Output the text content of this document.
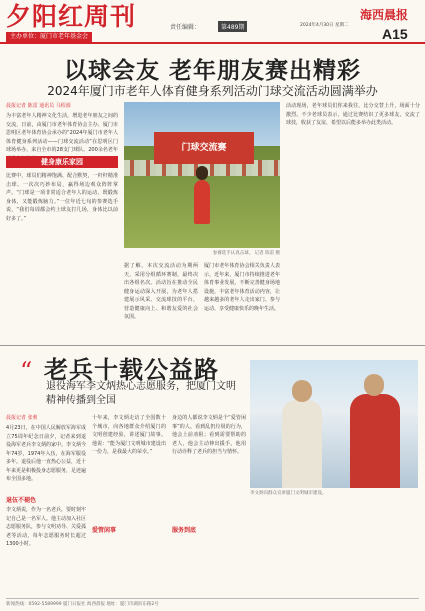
夕阳红周刊
主办单位：厦门市老年基金会
责任编辑：	第489期
海西晨报
2024年4月30日 星期二
A15
以球会友 老年朋友赛出精彩
2024年厦门市老年人体育健身系列活动门球交流活动圆满举办
晨报记者 陈雷 通讯员 马程源
为丰富老年人精神文化生活，增进老年朋友之间的交流，日前，由厦门市老年体育协会主办、厦门市思明区老年体育协会承办的“2024年厦门市老年人体育健身系列活动——门球交流活动”在思明区门球场举办，来自全市的28支门球队、200余名老年
健身康乐家园
比赛中，球员们精神饱满、配合默契，一杆杆精准击球、一次次巧妙布局，赢得场边观众阵阵掌声。“门球是一项非常适合老年人的运动，既锻炼身体，又能锻炼脑力。”一位年近七旬的参赛选手说，“我们每周都会约上球友打几场，身体比以前好多了。”
门球交流赛
参赛选手认真击球。 记者 陈雷 摄
据了解，本次交流活动为期两天，采用分组循环赛制，最终决出各组名次。活动旨在推动全民健身运动深入开展，为老年人搭建展示风采、交流球技的平台，营造健康向上、和谐友爱的社会氛围。
厦门市老年体育协会相关负责人表示，近年来，厦门市持续推进老年体育事业发展，不断完善健身场地设施，丰富老年体育活动内容，让越来越多的老年人走出家门、参与运动、享受健康快乐的晚年生活。
活动现场，老年球员们你来我往，比分交替上升，场面十分激烈。不少老球员表示，通过比赛结识了更多球友，交流了球技，收获了友谊，希望以后能多举办此类活动。
“ 老兵十载公益路
退役海军李文炳热心志愿服务，把厦门文明
精神传播到全国
晨报记者 张莉
4月23日，在中国人民解放军海军成立75周年纪念日前夕，记者来到退役海军老兵李文炳的家中。李文炳今年74岁，1974年入伍，在海军服役多年。退役后他一直热心公益，近十年来更是积极投身志愿服务，足迹遍布全国多地。
退伍不褪色
李文炳说，作为一名老兵，要时刻牢记自己是一名军人。他主动加入社区志愿服务队，参与文明劝导、关爱孤老等活动，每年志愿服务时长超过1300小时。
十年来，李文炳走访了全国数十个城市，向各地群众介绍厦门的文明创建经验，讲述厦门故事。他说：“能为厦门文明城市建设出一份力，是我最大的荣幸。”
爱管闲事
身边的人都说李文炳是个“爱管闲事”的人。看到乱扔垃圾的行为，他会上前劝阻；看到需要帮助的老人，他会主动伸出援手。他用行动诠释了老兵的担当与情怀。
服务到底
李文炳向群众宣讲厦门文明城市建设。
新闻热线：0592-5589999 厦门日报社 海西晨报 地址：厦门市湖滨东路2号
